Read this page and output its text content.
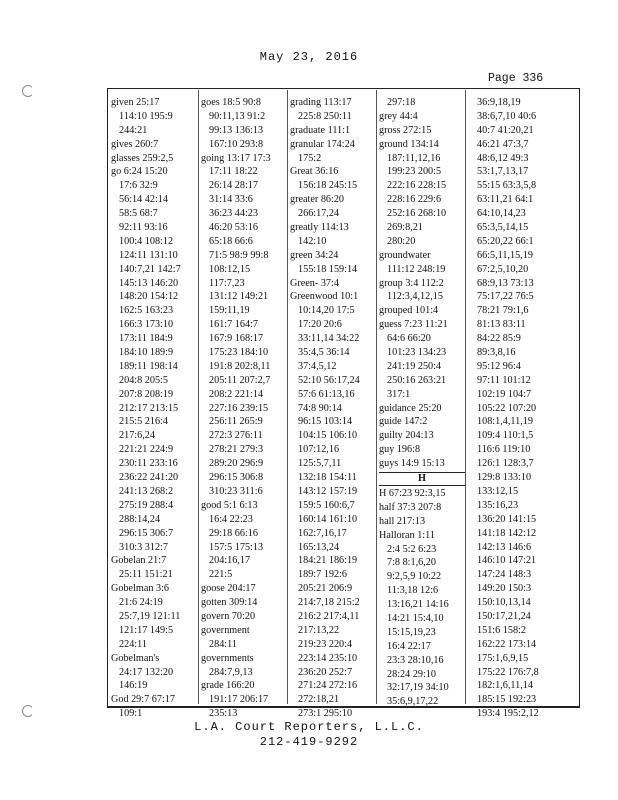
May 23, 2016
Page 336
given 25:17
114:10 195:9
244:21
gives 260:7
glasses 259:2,5
go 6:24 15:20
17:6 32:9
56:14 42:14
58:5 68:7
92:11 93:16
100:4 108:12
124:11 131:10
140:7,21 142:7
145:13 146:20
148:20 154:12
162:5 163:23
166:3 173:10
173:11 184:9
184:10 189:9
189:11 198:14
204:8 205:5
207:8 208:19
212:17 213:15
215:5 216:4
217:6,24
221:21 224:9
230:11 233:16
236:22 241:20
241:13 268:2
275:19 288:4
288:14,24
296:15 306:7
310:3 312:7
Gobelan 21:7
25:11 151:21
Gobelman 3:6
21:6 24:19
25:7,19 121:11
121:17 149:5
224:11
Gobelman's
24:17 132:20
146:19
God 29:7 67:17
109:1
goes 18:5 90:8
90:11,13 91:2
99:13 136:13
167:10 293:8
going 13:17 17:3
17:11 18:22
26:14 28:17
31:14 33:6
36:23 44:23
46:20 53:16
65:18 66:6
71:5 98:9 99:8
108:12,15
117:7,23
131:12 149:21
159:11,19
161:7 164:7
167:9 168:17
175:23 184:10
191:8 202:8,11
205:11 207:2,7
208:2 221:14
227:16 239:15
256:11 265:9
272:3 276:11
278:21 279:3
289:20 296:9
296:15 306:8
310:23 311:6
good 5:1 6:13
16:4 22:23
29:18 66:16
157:5 175:13
204:16,17
221:5
goose 204:17
gotten 309:14
govern 70:20
government
284:11
governments
284:7,9,13
grade 166:20
191:17 206:17
235:13
grading 113:17
225:8 250:11
graduate 111:1
granular 174:24
175:2
Great 36:16
156:18 245:15
greater 86:20
266:17,24
greatly 114:13
142:10
green 34:24
155:18 159:14
Green- 37:4
Greenwood 10:1
10:14,20 17:5
17:20 20:6
33:11,14 34:22
35:4,5 36:14
37:4,5,12
52:10 56:17,24
57:6 61:13,16
74:8 90:14
96:15 103:14
104:15 106:10
107:12,16
125:5,7,11
132:18 154:11
143:12 157:19
159:5 160:6,7
160:14 161:10
162:7,16,17
165:13,24
184:21 186:19
189:7 192:6
205:21 206:9
214:7,18 215:2
216:2 217:4,11
217:13,22
219:23 220:4
223:14 235:10
236:20 252:7
271:24 272:16
272:18,21
273:1 295:10
297:18
grey 44:4
gross 272:15
ground 134:14
187:11,12,16
199:23 200:5
222:16 228:15
228:16 229:6
252:16 268:10
269:8,21
280:20
groundwater
111:12 248:19
group 3:4 112:2
112:3,4,12,15
grouped 101:4
guess 7:23 11:21
64:6 66:20
101:23 134:23
241:19 250:4
250:16 263:21
317:1
guidance 25:20
guide 147:2
guilty 204:13
guy 196:8
guys 14:9 15:13
H
H 67:23 92:3,15
half 37:3 207:8
hall 217:13
Halloran 1:11
2:4 5:2 6:23
7:8 8:1,6,20
9:2,5,9 10:22
11:3,18 12:6
13:16,21 14:16
14:21 15:4,10
15:15,19,23
16:4 22:17
23:3 28:10,16
28:24 29:10
32:17,19 34:10
35:6,9,17,22
36:9,18,19
38:6,7,10 40:6
40:7 41:20,21
46:21 47:3,7
48:6,12 49:3
53:1,7,13,17
55:15 63:3,5,8
63:11,21 64:1
64:10,14,23
65:3,5,14,15
65:20,22 66:1
66:5,11,15,19
67:2,5,10,20
68:9,13 73:13
75:17,22 76:5
78:21 79:1,6
81:13 83:11
84:22 85:9
89:3,8,16
95:12 96:4
97:11 101:12
102:19 104:7
105:22 107:20
108:1,4,11,19
109:4 110:1,5
116:6 119:10
126:1 128:3,7
129:8 133:10
133:12,15
135:16,23
136:20 141:15
141:18 142:12
142:13 146:6
146:10 147:21
147:24 148:3
149:20 150:3
150:10,13,14
150:17,21,24
151:6 158:2
162:22 173:14
175:1,6,9,15
175:22 176:7,8
182:1,6,11,14
185:15 192:23
193:4 195:2,12
L.A. Court Reporters, L.L.C.
212-419-9292
